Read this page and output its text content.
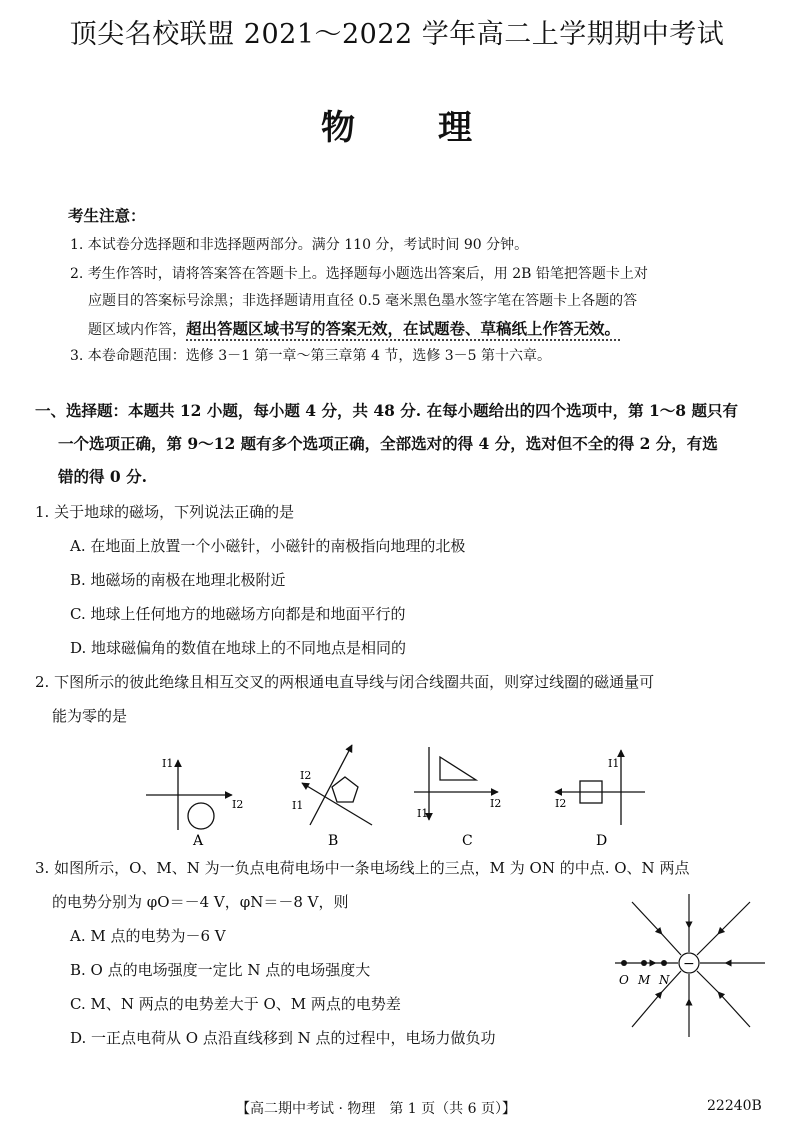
顶尖名校联盟 2021～2022 学年高二上学期期中考试
物 理
考生注意：
1. 本试卷分选择题和非选择题两部分。满分 110 分，考试时间 90 分钟。
2. 考生作答时，请将答案答在答题卡上。选择题每小题选出答案后，用 2B 铅笔把答题卡上对
应题目的答案标号涂黑；非选择题请用直径 0.5 毫米黑色墨水签字笔在答题卡上各题的答
题区域内作答，超出答题区域书写的答案无效，在试题卷、草稿纸上作答无效。
3. 本卷命题范围：选修 3－1 第一章～第三章第 4 节，选修 3－5 第十六章。
一、选择题：本题共 12 小题，每小题 4 分，共 48 分. 在每小题给出的四个选项中，第 1～8 题只有
一个选项正确，第 9～12 题有多个选项正确，全部选对的得 4 分，选对但不全的得 2 分，有选
错的得 0 分.
1. 关于地球的磁场，下列说法正确的是
A. 在地面上放置一个小磁针，小磁针的南极指向地理的北极
B. 地磁场的南极在地理北极附近
C. 地球上任何地方的地磁场方向都是和地面平行的
D. 地球磁偏角的数值在地球上的不同地点是相同的
2. 下图所示的彼此绝缘且相互交叉的两根通电直导线与闭合线圈共面，则穿过线圈的磁通量可
能为零的是
I1
I2
A
I2
I1
B
I1
I2
C
I1
I2
D
3. 如图所示，O、M、N 为一负点电荷电场中一条电场线上的三点，M 为 ON 的中点. O、N 两点
的电势分别为 φO＝－4 V，φN＝－8 V，则
A. M 点的电势为－6 V
B. O 点的电场强度一定比 N 点的电场强度大
C. M、N 两点的电势差大于 O、M 两点的电势差
D. 一正点电荷从 O 点沿直线移到 N 点的过程中，电场力做负功
−
O M N
【高二期中考试 · 物理　第 1 页（共 6 页）】	22240B
